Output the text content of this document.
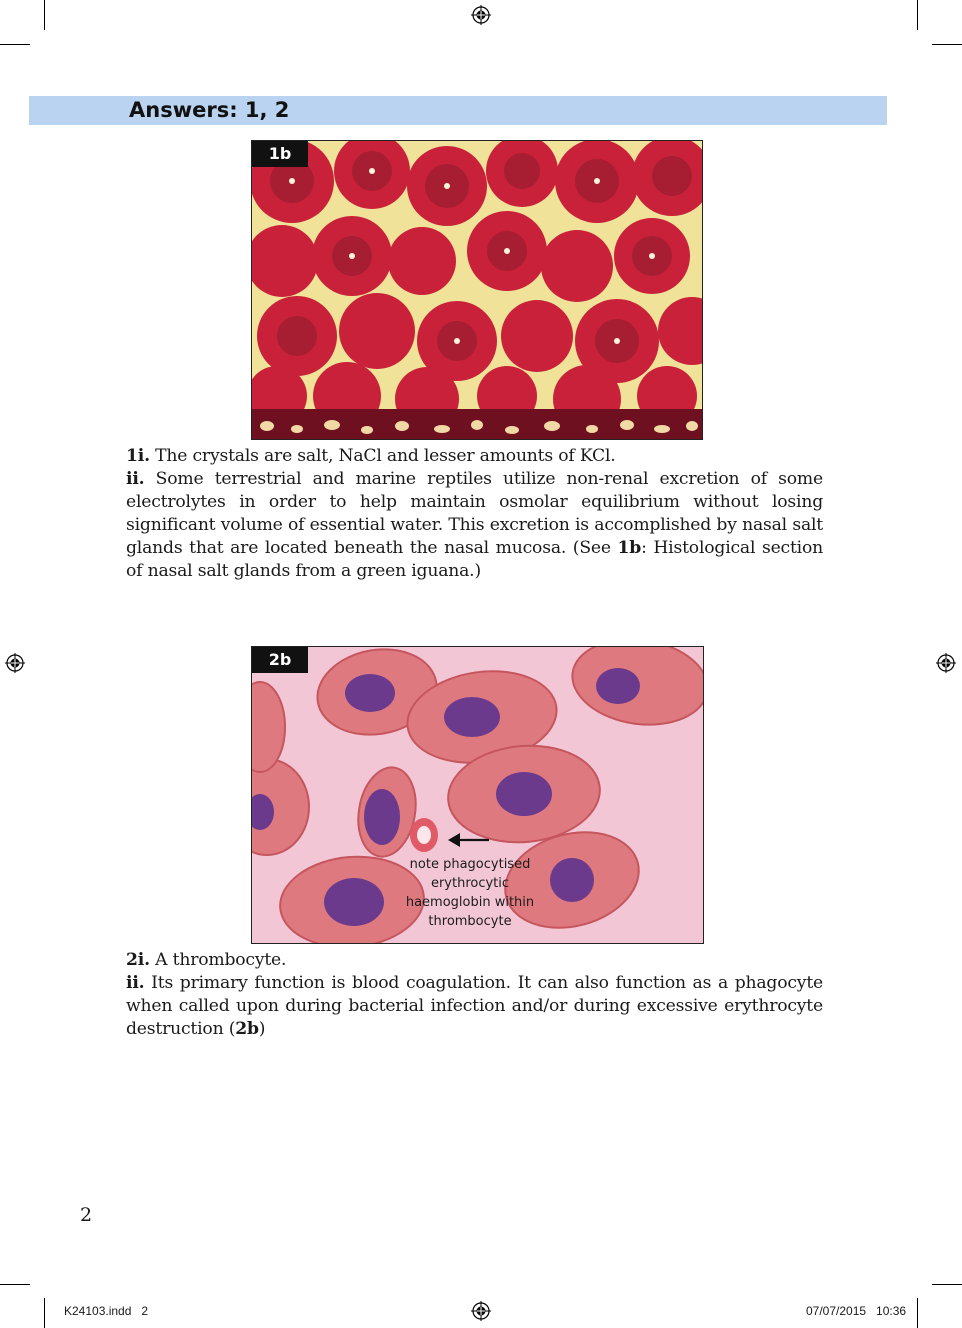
Answers: 1, 2
1b

1i. The crystals are salt, NaCl and lesser amounts of KCl.

ii. Some terrestrial and marine reptiles utilize non-renal excretion of some electrolytes in order to help maintain osmolar equilibrium without losing significant volume of essential water. This excretion is accomplished by nasal salt glands that are located beneath the nasal mucosa. (See 1b: Histological section of nasal salt glands from a green iguana.)

2b
note phagocytised erythrocytic haemoglobin within thrombocyte

2i. A thrombocyte.

ii. Its primary function is blood coagulation. It can also function as a phagocyte when called upon during bacterial infection and/or during excessive erythrocyte destruction (2b)

2
K24103.indd   2	07/07/2015   10:36
